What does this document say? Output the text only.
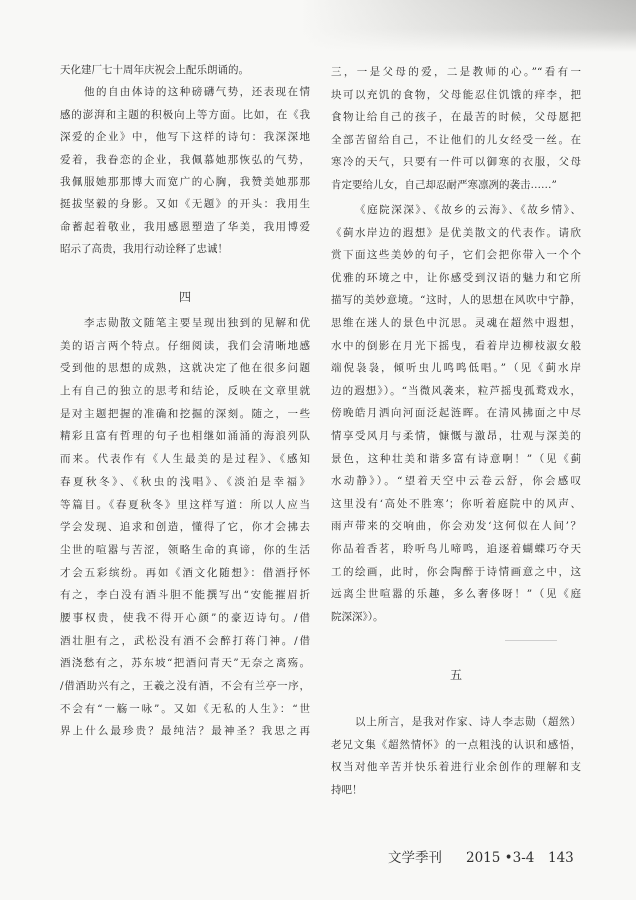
天化建厂七十周年庆祝会上配乐朗诵的。
他的自由体诗的这种磅礴气势，还表现在情
感的澎湃和主题的积极向上等方面。比如，在《我
深爱的企业》中，他写下这样的诗句：我深深地
爱着，我眷恋的企业，我佩慕她那恢弘的气势，
我佩服她那那博大而宽广的心胸，我赞美她那那
挺拔坚毅的身影。又如《无题》的开头：我用生
命蓄起着敬业，我用感恩塑造了华美，我用博爱
昭示了高贵，我用行动诠释了忠诚！
四
李志勋散文随笔主要呈现出独到的见解和优
美的语言两个特点。仔细阅读，我们会清晰地感
受到他的思想的成熟，这就决定了他在很多问题
上有自己的独立的思考和结论，反映在文章里就
是对主题把握的准确和挖掘的深刻。随之，一些
精彩且富有哲理的句子也相继如涌涌的海浪列队
而来。代表作有《人生最美的是过程》、《感知
春夏秋冬》、《秋虫的浅唱》、《淡泊是幸福》
等篇目。《春夏秋冬》里这样写道：所以人应当
学会发现、追求和创造，懂得了它，你才会拂去
尘世的喧嚣与苦涩，领略生命的真谛，你的生活
才会五彩缤纷。再如《酒文化随想》：借酒抒怀
有之，李白没有酒斗胆不能撰写出“安能摧眉折
腰事权贵，使我不得开心颜”的豪迈诗句。/借
酒壮胆有之，武松没有酒不会醉打蒋门神。/借
酒浇愁有之，苏东坡“把酒问青天”无奈之离殇。
/借酒助兴有之，王羲之没有酒，不会有兰亭一序，
不会有“一觞一咏”。又如《无私的人生》：“世
界上什么最珍贵？最纯洁？最神圣？我思之再
三，一是父母的爱，二是教师的心。”“看有一
块可以充饥的食物，父母能忍住饥饿的痒李，把
食物让给自己的孩子，在最苦的时候，父母愿把
全部苦留给自己，不让他们的儿女经受一丝。在
寒冷的天气，只要有一件可以御寒的衣服，父母
肯定要给儿女，自己却忍耐严寒凛冽的袭击……”
《庭院深深》、《故乡的云海》、《故乡情》、
《蓟水岸边的遐想》是优美散文的代表作。请欣
赏下面这些美妙的句子，它们会把你带入一个个
优雅的环境之中，让你感受到汉语的魅力和它所
描写的美妙意境。“这时，人的思想在风吹中宁静，
思维在迷人的景色中沉思。灵魂在超然中遐想，
水中的倒影在月光下摇曳，看着岸边柳枝淑女般
端倪袅袅，倾听虫儿鸣鸣低唱。”（见《蓟水岸
边的遐想》）。“当微风袭来，粒芦摇曳孤鹜戏水，
傍晚皓月洒向河面泛起涟晖。在清风拂面之中尽
情享受风月与柔情，慷慨与激昂，壮观与深美的
景色，这种壮美和谐多富有诗意啊！”（见《蓟
水动静》）。“望着天空中云卷云舒，你会感叹
这里没有‘高处不胜寒’；你听着庭院中的风声、
雨声带来的交响曲，你会劝发‘这何似在人间’？
你品着香茗，聆听鸟儿啼鸣，追逐着蝴蝶巧夺天
工的绘画，此时，你会陶醉于诗情画意之中，这
远离尘世喧嚣的乐趣，多么奢侈呀！”（见《庭
院深深》）。
五
以上所言，是我对作家、诗人李志勋（超然）
老兄文集《超然情怀》的一点粗浅的认识和感悟，
权当对他辛苦并快乐着进行业余创作的理解和支
持吧！
文学季刊 2015 •3-4 143
